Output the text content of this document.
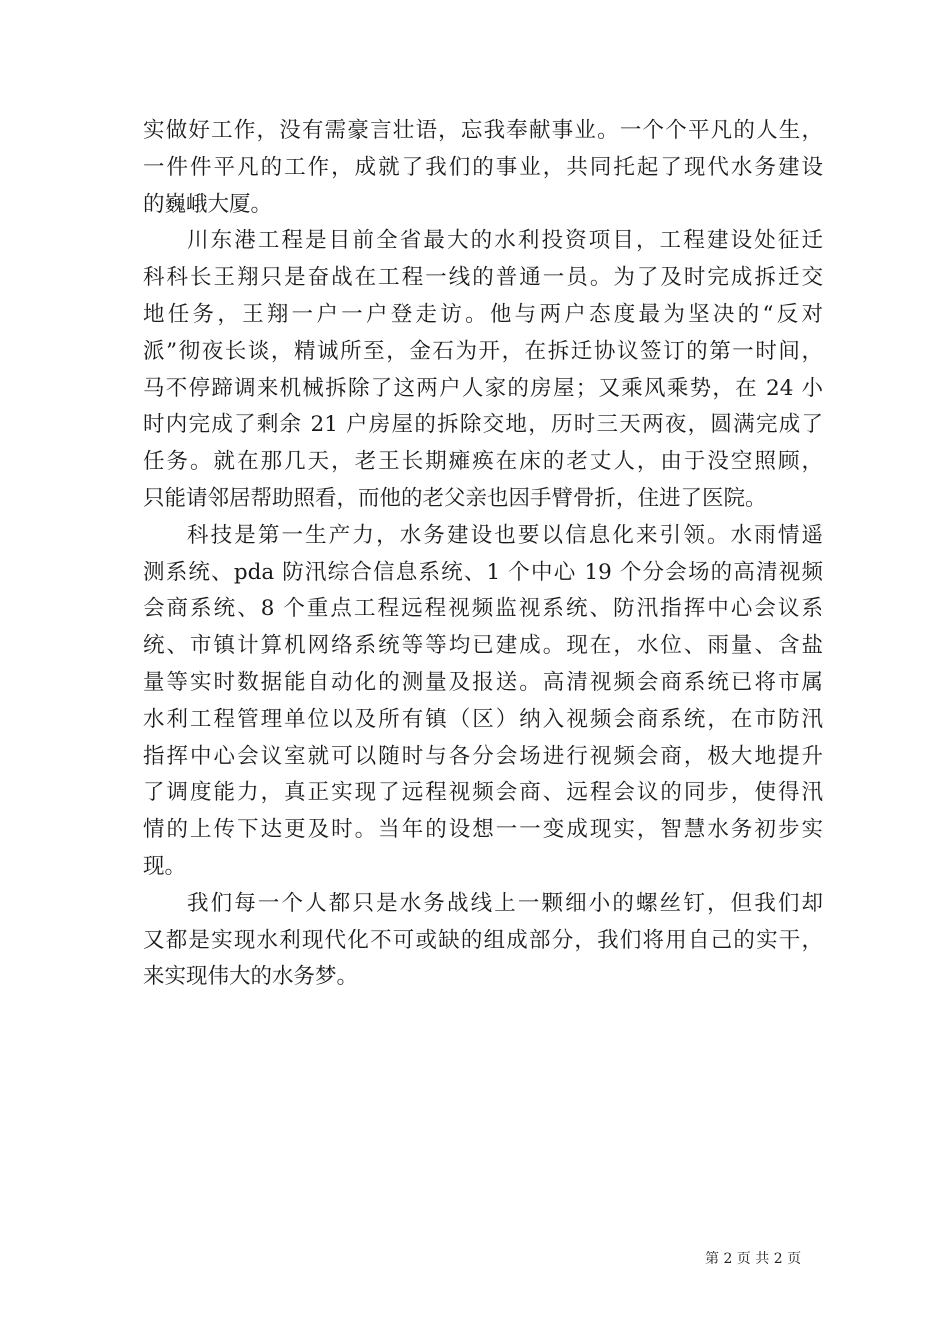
实做好工作，没有需豪言壮语，忘我奉献事业。一个个平凡的人生，
一件件平凡的工作，成就了我们的事业，共同托起了现代水务建设
的巍峨大厦。

川东港工程是目前全省最大的水利投资项目，工程建设处征迁
科科长王翔只是奋战在工程一线的普通一员。为了及时完成拆迁交
地任务，王翔一户一户登走访。他与两户态度最为坚决的“反对
派”彻夜长谈，精诚所至，金石为开，在拆迁协议签订的第一时间，
马不停蹄调来机械拆除了这两户人家的房屋；又乘风乘势，在 24 小
时内完成了剩余 21 户房屋的拆除交地，历时三天两夜，圆满完成了
任务。就在那几天，老王长期瘫痪在床的老丈人，由于没空照顾，
只能请邻居帮助照看，而他的老父亲也因手臂骨折，住进了医院。

科技是第一生产力，水务建设也要以信息化来引领。水雨情遥
测系统、pda 防汛综合信息系统、1 个中心 19 个分会场的高清视频
会商系统、8 个重点工程远程视频监视系统、防汛指挥中心会议系
统、市镇计算机网络系统等等均已建成。现在，水位、雨量、含盐
量等实时数据能自动化的测量及报送。高清视频会商系统已将市属
水利工程管理单位以及所有镇（区）纳入视频会商系统，在市防汛
指挥中心会议室就可以随时与各分会场进行视频会商，极大地提升
了调度能力，真正实现了远程视频会商、远程会议的同步，使得汛
情的上传下达更及时。当年的设想一一变成现实，智慧水务初步实
现。

我们每一个人都只是水务战线上一颗细小的螺丝钉，但我们却
又都是实现水利现代化不可或缺的组成部分，我们将用自己的实干，
来实现伟大的水务梦。

第 2 页 共 2 页
